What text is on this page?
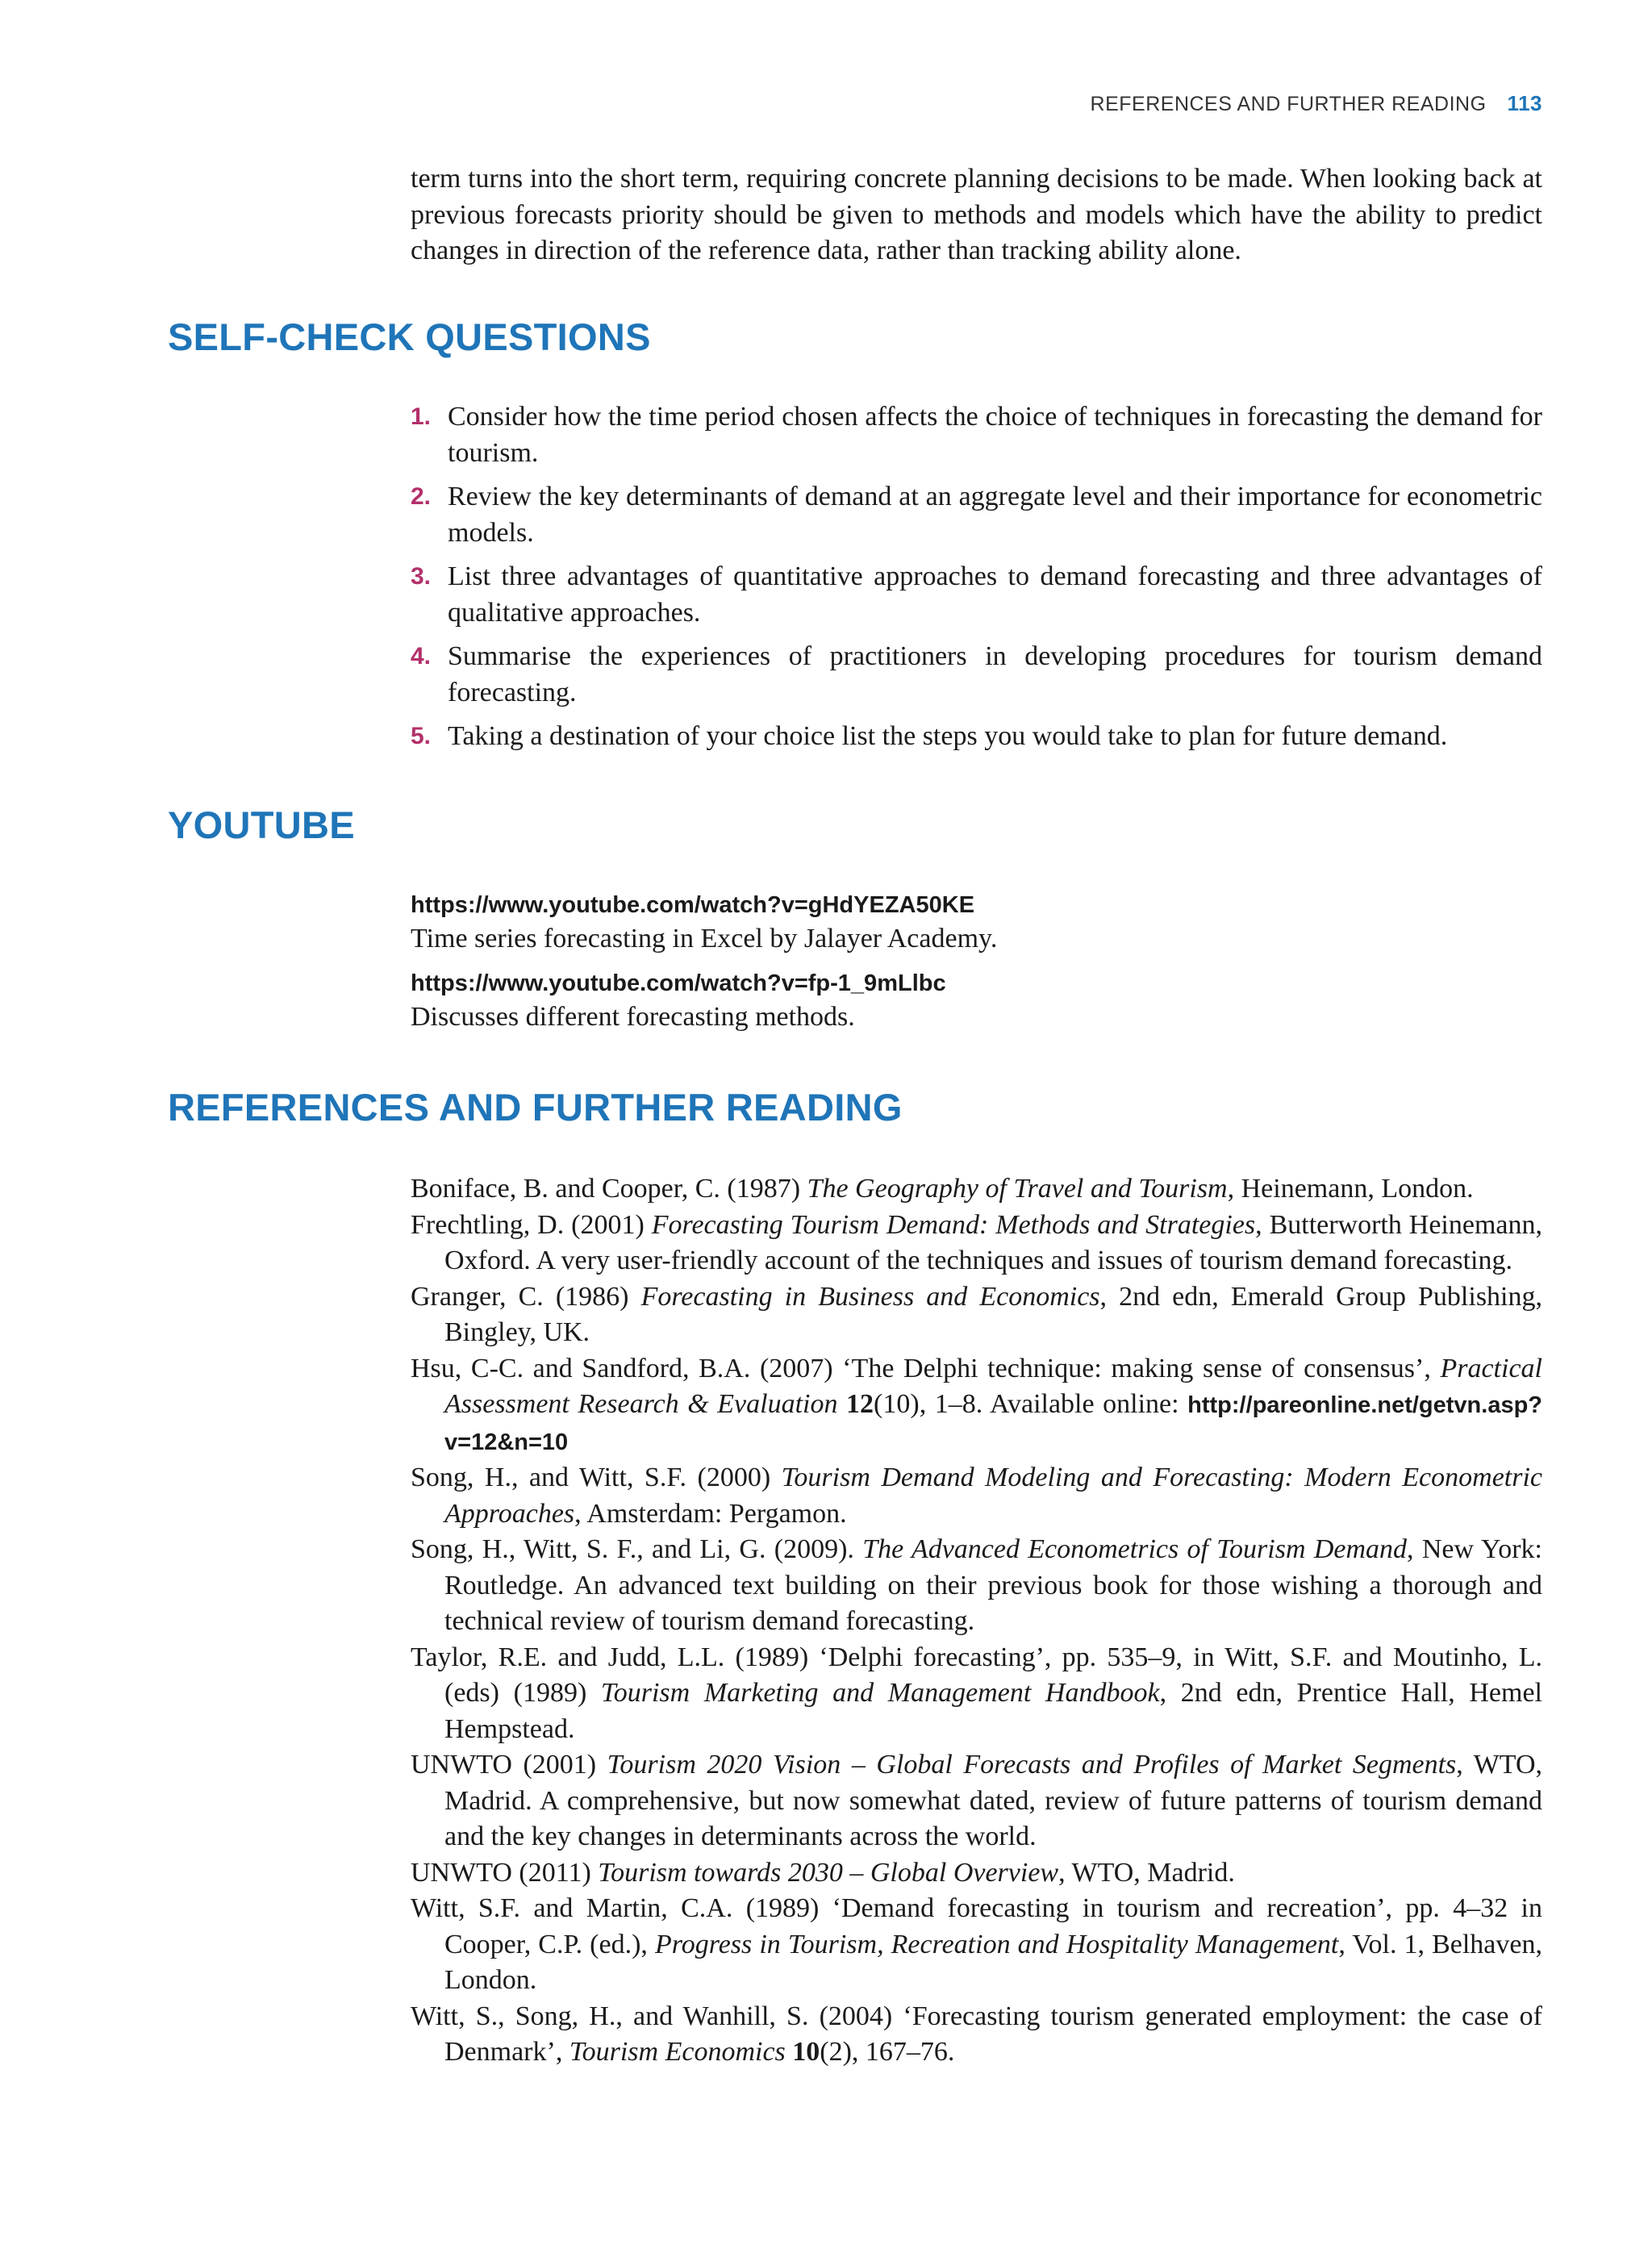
REFERENCES AND FURTHER READING 113
term turns into the short term, requiring concrete planning decisions to be made. When looking back at previous forecasts priority should be given to methods and models which have the ability to predict changes in direction of the reference data, rather than tracking ability alone.
SELF-CHECK QUESTIONS
1. Consider how the time period chosen affects the choice of techniques in forecasting the demand for tourism.
2. Review the key determinants of demand at an aggregate level and their importance for econometric models.
3. List three advantages of quantitative approaches to demand forecasting and three advantages of qualitative approaches.
4. Summarise the experiences of practitioners in developing procedures for tourism demand forecasting.
5. Taking a destination of your choice list the steps you would take to plan for future demand.
YOUTUBE
https://www.youtube.com/watch?v=gHdYEZA50KE
Time series forecasting in Excel by Jalayer Academy.
https://www.youtube.com/watch?v=fp-1_9mLlbc
Discusses different forecasting methods.
REFERENCES AND FURTHER READING
Boniface, B. and Cooper, C. (1987) The Geography of Travel and Tourism, Heinemann, London.
Frechtling, D. (2001) Forecasting Tourism Demand: Methods and Strategies, Butterworth Heinemann, Oxford. A very user-friendly account of the techniques and issues of tourism demand forecasting.
Granger, C. (1986) Forecasting in Business and Economics, 2nd edn, Emerald Group Publishing, Bingley, UK.
Hsu, C-C. and Sandford, B.A. (2007) ‘The Delphi technique: making sense of consensus’, Practical Assessment Research & Evaluation 12(10), 1–8. Available online: http://pareonline.net/getvn.asp?v=12&n=10
Song, H., and Witt, S.F. (2000) Tourism Demand Modeling and Forecasting: Modern Econometric Approaches, Amsterdam: Pergamon.
Song, H., Witt, S. F., and Li, G. (2009). The Advanced Econometrics of Tourism Demand, New York: Routledge. An advanced text building on their previous book for those wishing a thorough and technical review of tourism demand forecasting.
Taylor, R.E. and Judd, L.L. (1989) ‘Delphi forecasting’, pp. 535–9, in Witt, S.F. and Moutinho, L. (eds) (1989) Tourism Marketing and Management Handbook, 2nd edn, Prentice Hall, Hemel Hempstead.
UNWTO (2001) Tourism 2020 Vision – Global Forecasts and Profiles of Market Segments, WTO, Madrid. A comprehensive, but now somewhat dated, review of future patterns of tourism demand and the key changes in determinants across the world.
UNWTO (2011) Tourism towards 2030 – Global Overview, WTO, Madrid.
Witt, S.F. and Martin, C.A. (1989) ‘Demand forecasting in tourism and recreation’, pp. 4–32 in Cooper, C.P. (ed.), Progress in Tourism, Recreation and Hospitality Management, Vol. 1, Belhaven, London.
Witt, S., Song, H., and Wanhill, S. (2004) ‘Forecasting tourism generated employment: the case of Denmark’, Tourism Economics 10(2), 167–76.
